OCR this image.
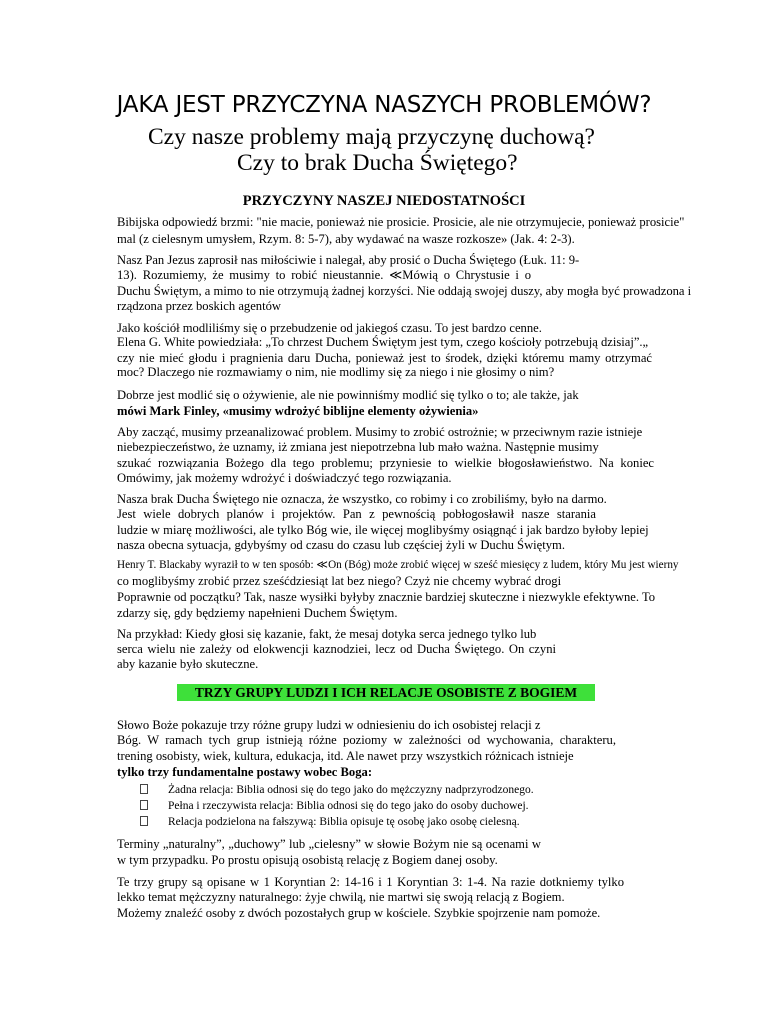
JAKA JEST PRZYCZYNA NASZYCH PROBLEMÓW?
Czy nasze problemy mają przyczynę duchową?
Czy to brak Ducha Świętego?
PRZYCZYNY NASZEJ NIEDOSTATNOŚCI
Bibijska odpowiedź brzmi: "nie macie, ponieważ nie prosicie. Prosicie, ale nie otrzymujecie, ponieważ prosicie"
mal (z cielesnym umysłem, Rzym. 8: 5-7), aby wydawać na wasze rozkosze» (Jak. 4: 2-3).
Nasz Pan Jezus zaprosił nas miłościwie i nalegał, aby prosić o Ducha Świętego (Łuk. 11: 9-
13). Rozumiemy, że musimy to robić nieustannie. ≪Mówią o Chrystusie i o
Duchu Świętym, a mimo to nie otrzymują żadnej korzyści. Nie oddają swojej duszy, aby mogła być prowadzona i
rządzona przez boskich agentów
Jako kościół modliliśmy się o przebudzenie od jakiegoś czasu. To jest bardzo cenne.
Elena G. White powiedziała: „To chrzest Duchem Świętym jest tym, czego kościoły potrzebują dzisiaj”.„
czy nie mieć głodu i pragnienia daru Ducha, ponieważ jest to środek, dzięki któremu mamy otrzymać
moc? Dlaczego nie rozmawiamy o nim, nie modlimy się za niego i nie głosimy o nim?
Dobrze jest modlić się o ożywienie, ale nie powinniśmy modlić się tylko o to; ale także, jak
mówi Mark Finley, «musimy wdrożyć biblijne elementy ożywienia»
Aby zacząć, musimy przeanalizować problem. Musimy to zrobić ostrożnie; w przeciwnym razie istnieje
niebezpieczeństwo, że uznamy, iż zmiana jest niepotrzebna lub mało ważna. Następnie musimy
szukać rozwiązania Bożego dla tego problemu; przyniesie to wielkie błogosławieństwo. Na koniec
Omówimy, jak możemy wdrożyć i doświadczyć tego rozwiązania.
Nasza brak Ducha Świętego nie oznacza, że wszystko, co robimy i co zrobiliśmy, było na darmo.
Jest wiele dobrych planów i projektów. Pan z pewnością pobłogosławił nasze starania
ludzie w miarę możliwości, ale tylko Bóg wie, ile więcej moglibyśmy osiągnąć i jak bardzo byłoby lepiej
nasza obecna sytuacja, gdybyśmy od czasu do czasu lub częściej żyli w Duchu Świętym.
Henry T. Blackaby wyraził to w ten sposób: ≪On (Bóg) może zrobić więcej w sześć miesięcy z ludem, który Mu jest wierny
co moglibyśmy zrobić przez sześćdziesiąt lat bez niego? Czyż nie chcemy wybrać drogi
Poprawnie od początku? Tak, nasze wysiłki byłyby znacznie bardziej skuteczne i niezwykle efektywne. To
zdarzy się, gdy będziemy napełnieni Duchem Świętym.
Na przykład: Kiedy głosi się kazanie, fakt, że mesaj dotyka serca jednego tylko lub
serca wielu nie zależy od elokwencji kaznodziei, lecz od Ducha Świętego. On czyni
aby kazanie było skuteczne.
TRZY GRUPY LUDZI I ICH RELACJE OSOBISTE Z BOGIEM
Słowo Boże pokazuje trzy różne grupy ludzi w odniesieniu do ich osobistej relacji z
Bóg. W ramach tych grup istnieją różne poziomy w zależności od wychowania, charakteru,
trening osobisty, wiek, kultura, edukacja, itd. Ale nawet przy wszystkich różnicach istnieje
tylko trzy fundamentalne postawy wobec Boga:
Żadna relacja: Biblia odnosi się do tego jako do mężczyzny nadprzyrodzonego.
Pełna i rzeczywista relacja: Biblia odnosi się do tego jako do osoby duchowej.
Relacja podzielona na fałszywą: Biblia opisuje tę osobę jako osobę cielesną.
Terminy „naturalny”, „duchowy” lub „cielesny” w słowie Bożym nie są ocenami w
w tym przypadku. Po prostu opisują osobistą relację z Bogiem danej osoby.
Te trzy grupy są opisane w 1 Koryntian 2: 14-16 i 1 Koryntian 3: 1-4. Na razie dotkniemy tylko
lekko temat mężczyzny naturalnego: żyje chwilą, nie martwi się swoją relacją z Bogiem.
Możemy znaleźć osoby z dwóch pozostałych grup w kościele. Szybkie spojrzenie nam pomoże.
